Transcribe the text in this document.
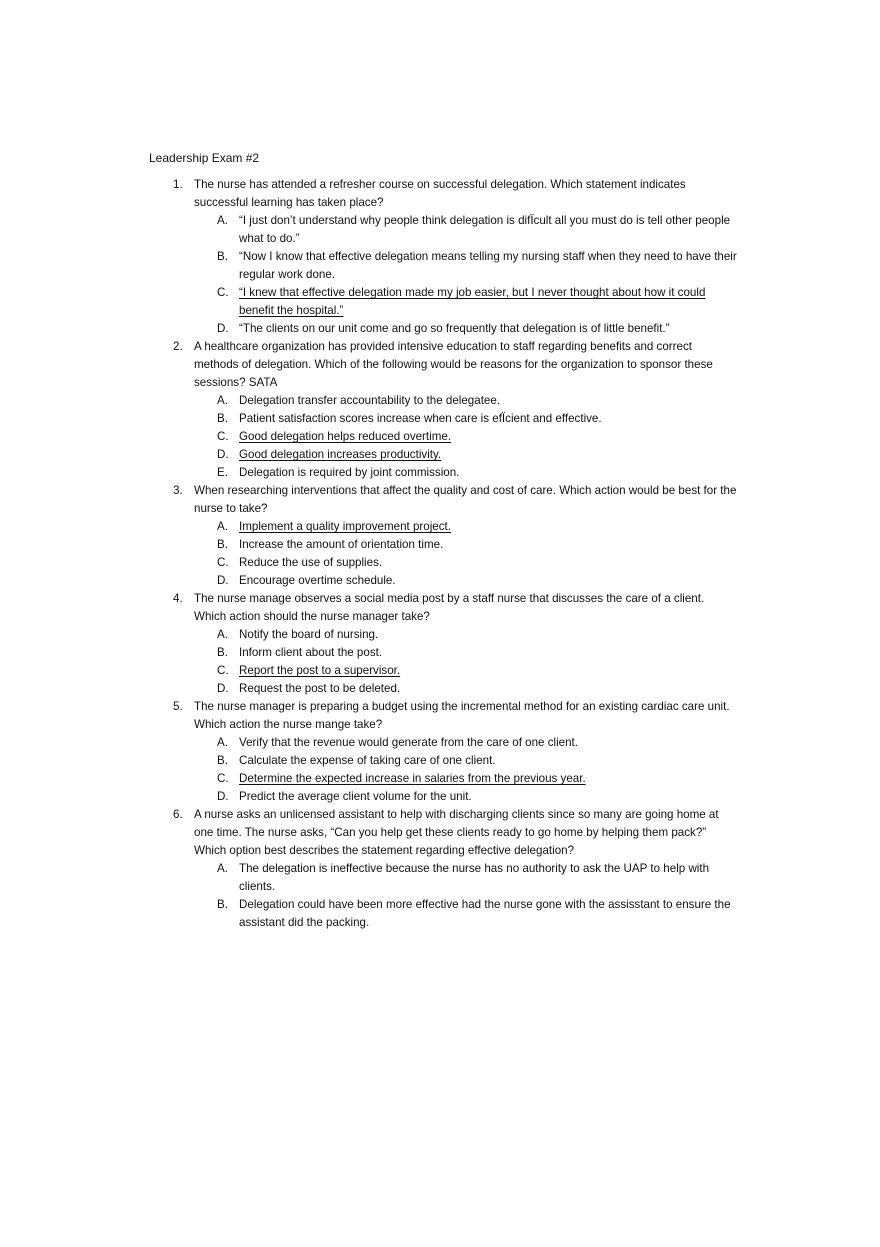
Leadership Exam #2
1. The nurse has attended a refresher course on successful delegation. Which statement indicates successful learning has taken place?
A. “I just don’t understand why people think delegation is difÏcult all you must do is tell other people what to do.”
B. “Now I know that effective delegation means telling my nursing staff when they need to have their regular work done.
C. “I knew that effective delegation made my job easier, but I never thought about how it could benefit the hospital.”
D. “The clients on our unit come and go so frequently that delegation is of little benefit.”
2. A healthcare organization has provided intensive education to staff regarding benefits and correct methods of delegation. Which of the following would be reasons for the organization to sponsor these sessions? SATA
A. Delegation transfer accountability to the delegatee.
B. Patient satisfaction scores increase when care is efÏcient and effective.
C. Good delegation helps reduced overtime.
D. Good delegation increases productivity.
E. Delegation is required by joint commission.
3. When researching interventions that affect the quality and cost of care. Which action would be best for the nurse to take?
A. Implement a quality improvement project.
B. Increase the amount of orientation time.
C. Reduce the use of supplies.
D. Encourage overtime schedule.
4. The nurse manage observes a social media post by a staff nurse that discusses the care of a client. Which action should the nurse manager take?
A. Notify the board of nursing.
B. Inform client about the post.
C. Report the post to a supervisor.
D. Request the post to be deleted.
5. The nurse manager is preparing a budget using the incremental method for an existing cardiac care unit. Which action the nurse mange take?
A. Verify that the revenue would generate from the care of one client.
B. Calculate the expense of taking care of one client.
C. Determine the expected increase in salaries from the previous year.
D. Predict the average client volume for the unit.
6. A nurse asks an unlicensed assistant to help with discharging clients since so many are going home at one time. The nurse asks, “Can you help get these clients ready to go home by helping them pack?” Which option best describes the statement regarding effective delegation?
A. The delegation is ineffective because the nurse has no authority to ask the UAP to help with clients.
B. Delegation could have been more effective had the nurse gone with the assisstant to ensure the assistant did the packing.
